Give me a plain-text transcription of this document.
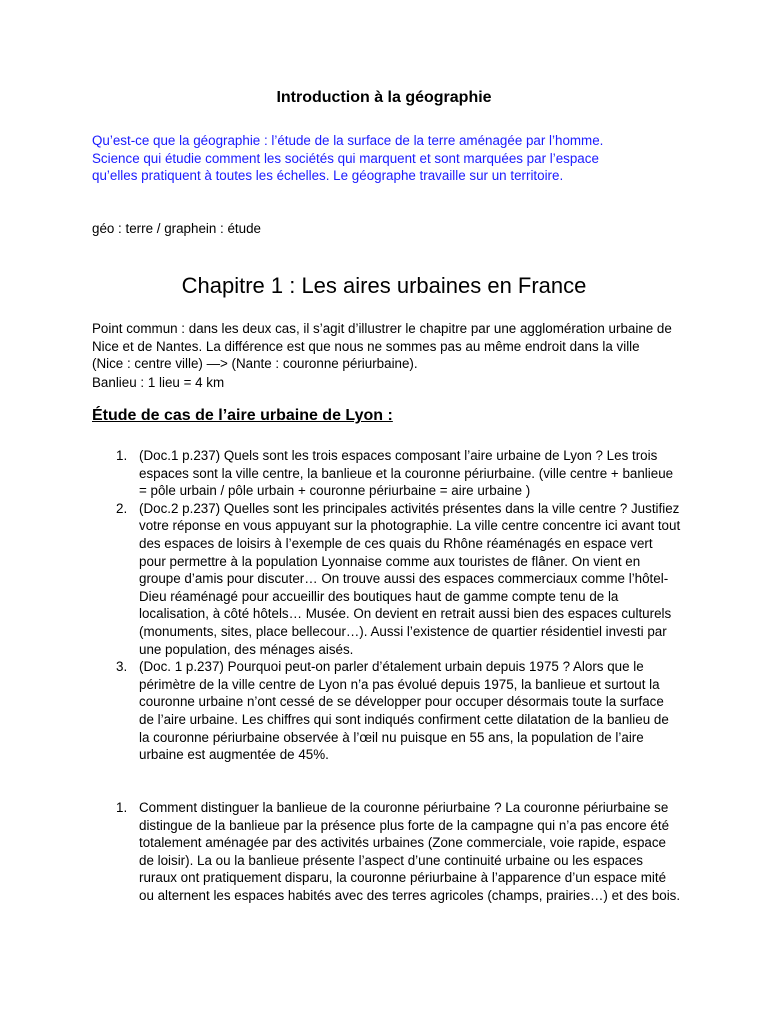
Introduction à la géographie

Qu’est-ce que la géographie : l’étude de la surface de la terre aménagée par l’homme.

Science qui étudie comment les sociétés qui marquent et sont marquées par l’espace

qu’elles pratiquent à toutes les échelles. Le géographe travaille sur un territoire.

géo : terre / graphein : étude

Chapitre 1 : Les aires urbaines en France

Point commun : dans les deux cas, il s’agit d’illustrer le chapitre par une agglomération urbaine de Nice et de Nantes. La différence est que nous ne sommes pas au même endroit dans la ville (Nice : centre ville) —> (Nante : couronne périurbaine).

Banlieu : 1 lieu = 4 km

Étude de cas de l’aire urbaine de Lyon :
1. (Doc.1 p.237) Quels sont les trois espaces composant l’aire urbaine de Lyon ? Les trois espaces sont la ville centre, la banlieue et la couronne périurbaine. (ville centre + banlieue = pôle urbain / pôle urbain + couronne périurbaine = aire urbaine )
2. (Doc.2 p.237) Quelles sont les principales activités présentes dans la ville centre ? Justifiez votre réponse en vous appuyant sur la photographie. La ville centre concentre ici avant tout des espaces de loisirs à l’exemple de ces quais du Rhône réaménagés en espace vert pour permettre à la population Lyonnaise comme aux touristes de flâner. On vient en groupe d’amis pour discuter… On trouve aussi des espaces commerciaux comme l’hôtel-Dieu réaménagé pour accueillir des boutiques haut de gamme compte tenu de la localisation, à côté hôtels… Musée. On devient en retrait aussi bien des espaces culturels (monuments, sites, place bellecour…). Aussi l’existence de quartier résidentiel investi par une population, des ménages aisés.
3. (Doc. 1 p.237) Pourquoi peut-on parler d’étalement urbain depuis 1975 ? Alors que le périmètre de la ville centre de Lyon n’a pas évolué depuis 1975, la banlieue et surtout la couronne urbaine n’ont cessé de se développer pour occuper désormais toute la surface de l’aire urbaine. Les chiffres qui sont indiqués confirment cette dilatation de la banlieu de la couronne périurbaine observée à l’œil nu puisque en 55 ans, la population de l’aire urbaine est augmentée de 45%.
1. Comment distinguer la banlieue de la couronne périurbaine ? La couronne périurbaine se distingue de la banlieue par la présence plus forte de la campagne qui n’a pas encore été totalement aménagée par des activités urbaines (Zone commerciale, voie rapide, espace de loisir). La ou la banlieue présente l’aspect d’une continuité urbaine ou les espaces ruraux ont pratiquement disparu, la couronne périurbaine à l’apparence d’un espace mité ou alternent les espaces habités avec des terres agricoles (champs, prairies…) et des bois.
